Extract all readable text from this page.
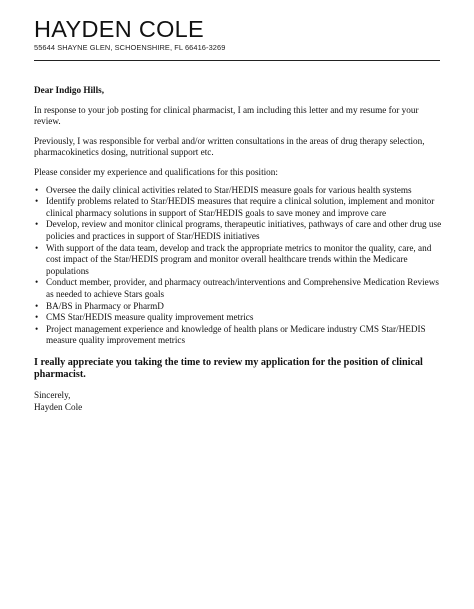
HAYDEN COLE
55644 SHAYNE GLEN, SCHOENSHIRE, FL 66416-3269

Dear Indigo Hills,

In response to your job posting for clinical pharmacist, I am including this letter and my resume for your review.

Previously, I was responsible for verbal and/or written consultations in the areas of drug therapy selection, pharmacokinetics dosing, nutritional support etc.

Please consider my experience and qualifications for this position:

• Oversee the daily clinical activities related to Star/HEDIS measure goals for various health systems
• Identify problems related to Star/HEDIS measures that require a clinical solution, implement and monitor clinical pharmacy solutions in support of Star/HEDIS goals to save money and improve care
• Develop, review and monitor clinical programs, therapeutic initiatives, pathways of care and other drug use policies and practices in support of Star/HEDIS initiatives
• With support of the data team, develop and track the appropriate metrics to monitor the quality, care, and cost impact of the Star/HEDIS program and monitor overall healthcare trends within the Medicare populations
• Conduct member, provider, and pharmacy outreach/interventions and Comprehensive Medication Reviews as needed to achieve Stars goals
• BA/BS in Pharmacy or PharmD
• CMS Star/HEDIS measure quality improvement metrics
• Project management experience and knowledge of health plans or Medicare industry CMS Star/HEDIS measure quality improvement metrics

I really appreciate you taking the time to review my application for the position of clinical pharmacist.

Sincerely,

Hayden Cole
